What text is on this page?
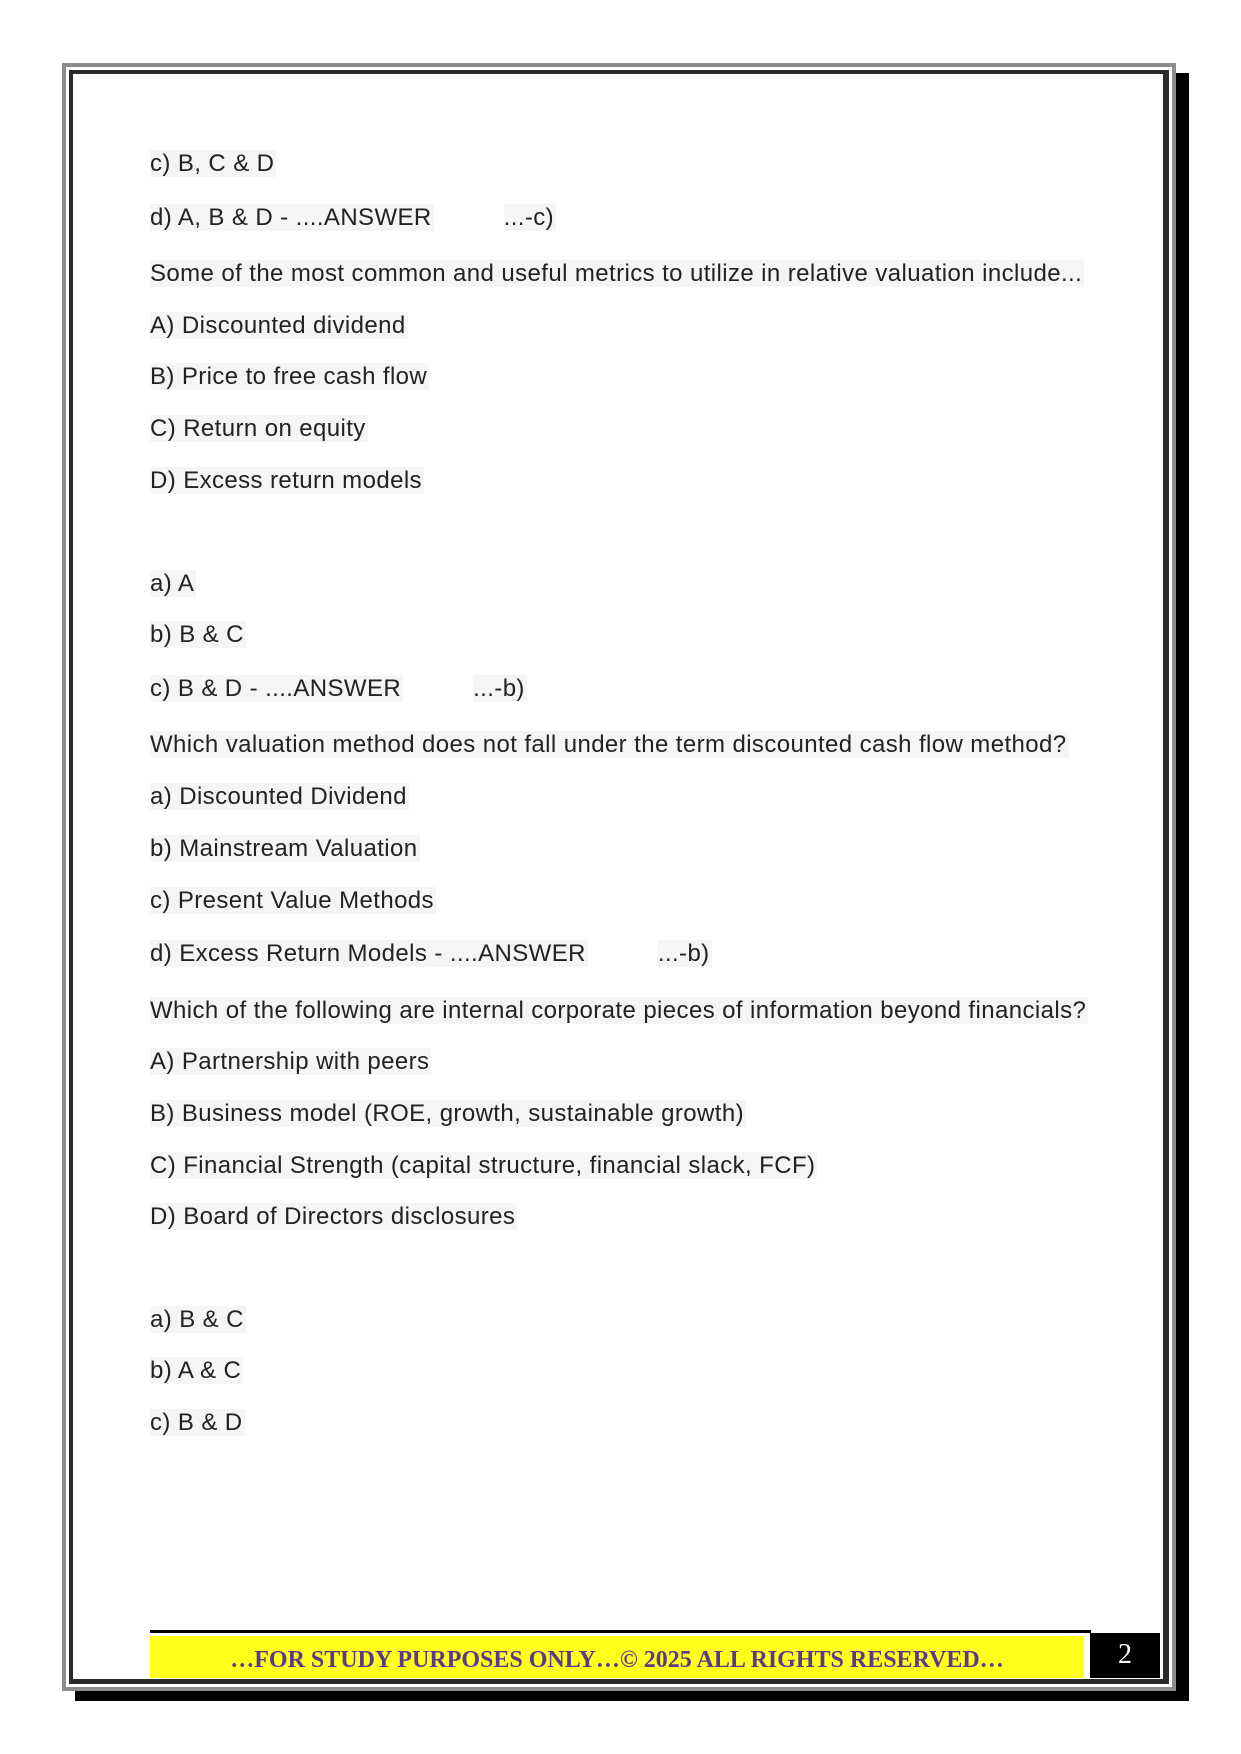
c) B, C & D
d) A, B & D - ....ANSWER	...-c)
Some of the most common and useful metrics to utilize in relative valuation include...
A) Discounted dividend
B) Price to free cash flow
C) Return on equity
D) Excess return models
a) A
b) B & C
c) B & D - ....ANSWER	...-b)
Which valuation method does not fall under the term discounted cash flow method?
a) Discounted Dividend
b) Mainstream Valuation
c) Present Value Methods
d) Excess Return Models - ....ANSWER	...-b)
Which of the following are internal corporate pieces of information beyond financials?
A) Partnership with peers
B) Business model (ROE, growth, sustainable growth)
C) Financial Strength (capital structure, financial slack, FCF)
D) Board of Directors disclosures
a) B & C
b) A & C
c) B & D
…FOR STUDY PURPOSES ONLY…© 2025 ALL RIGHTS RESERVED…	2
